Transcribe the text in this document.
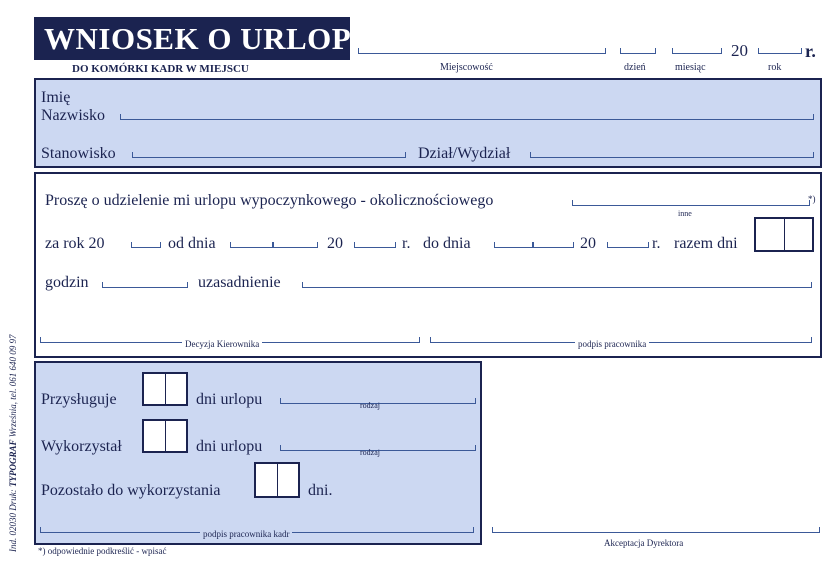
WNIOSEK O URLOP
DO KOMÓRKI KADR W MIEJSCU	Miejscowość	dzień	miesiąc
20
rok
r.
Imię
Nazwisko
Stanowisko	Dział/Wydział
Proszę o udzielenie mi urlopu wypoczynkowego - okolicznościowego	*)
inne
za rok 20	od dnia	20	r. do dnia	20	r. razem dni
godzin	uzasadnienie
Decyzja Kierownika	podpis pracownika
Przysługuje	dni urlopu	rodzaj
Wykorzystał	dni urlopu	rodzaj
Pozostało do wykorzystania	dni.
podpis pracownika kadr
Akceptacja Dyrektora
*) odpowiednie podkreślić - wpisać
Ind. 02030 Druk: TYPOGRAF Września, tel. 061 640 09 97
